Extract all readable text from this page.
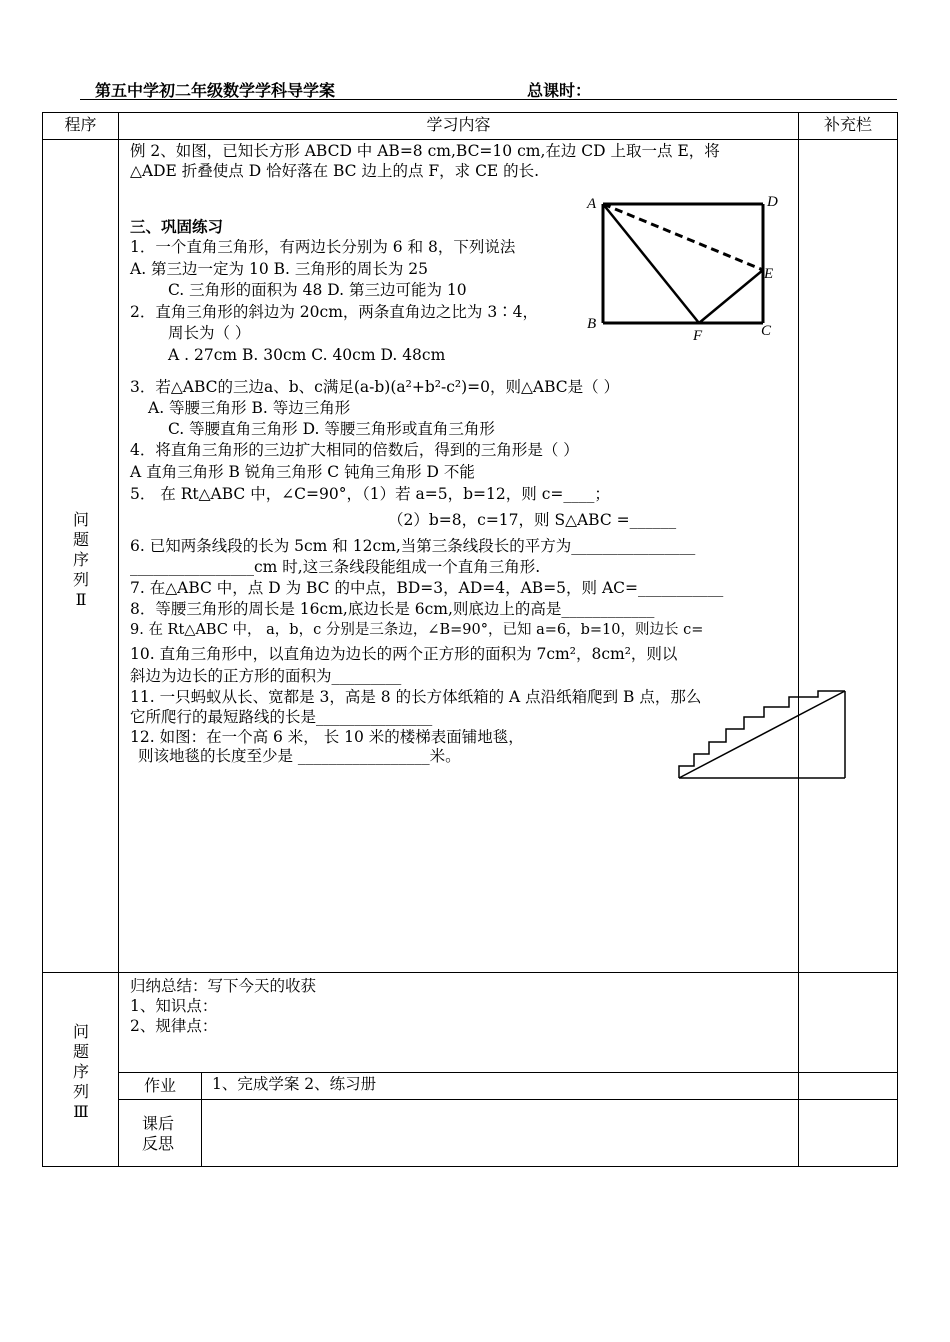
第五中学初二年级数学学科导学案	总课时：
程序	学习内容	补充栏
问
题
序
列
Ⅱ
例 2、如图，已知长方形 ABCD 中 AB=8 cm,BC=10 cm,在边 CD 上取一点 E，将
△ADE 折叠使点 D 恰好落在 BC 边上的点 F，求 CE 的长.
三、巩固练习
1．一个直角三角形，有两边长分别为 6 和 8，下列说法
A. 第三边一定为 10 B. 三角形的周长为 25
C. 三角形的面积为 48 D. 第三边可能为 10
2．直角三角形的斜边为 20cm，两条直角边之比为 3∶4，
周长为（ ）
A . 27cm B. 30cm C. 40cm D. 48cm
3．若△ABC的三边a、b、c满足(a-b)(a²+b²-c²)=0，则△ABC是（ ）
A. 等腰三角形 B. 等边三角形
C. 等腰直角三角形 D. 等腰三角形或直角三角形
4．将直角三角形的三边扩大相同的倍数后，得到的三角形是（ ）
A 直角三角形 B 锐角三角形 C 钝角三角形 D 不能
5． 在 Rt△ABC 中，∠C=90°，（1）若 a=5，b=12，则 c=____；
（2）b=8，c=17，则 S△ABC =______
6. 已知两条线段的长为 5cm 和 12cm,当第三条线段长的平方为________________
________________cm 时,这三条线段能组成一个直角三角形.
7. 在△ABC 中，点 D 为 BC 的中点，BD=3，AD=4，AB=5，则 AC=___________
8．等腰三角形的周长是 16cm,底边长是 6cm,则底边上的高是____________
9. 在 Rt△ABC 中， a，b，c 分别是三条边，∠B=90°，已知 a=6，b=10，则边长 c=
10. 直角三角形中，以直角边为边长的两个正方形的面积为 7cm²，8cm²，则以
斜边为边长的正方形的面积为_________
11. 一只蚂蚁从长、宽都是 3，高是 8 的长方体纸箱的 A 点沿纸箱爬到 B 点，那么
它所爬行的最短路线的长是_______________
12. 如图：在一个高 6 米， 长 10 米的楼梯表面铺地毯，
则该地毯的长度至少是 _________________米。
A	D
E
B	C
F
问
题
序
列
Ⅲ
归纳总结：写下今天的收获
1、知识点：
2、规律点：
作业	1、完成学案 2、练习册
课后
反思
